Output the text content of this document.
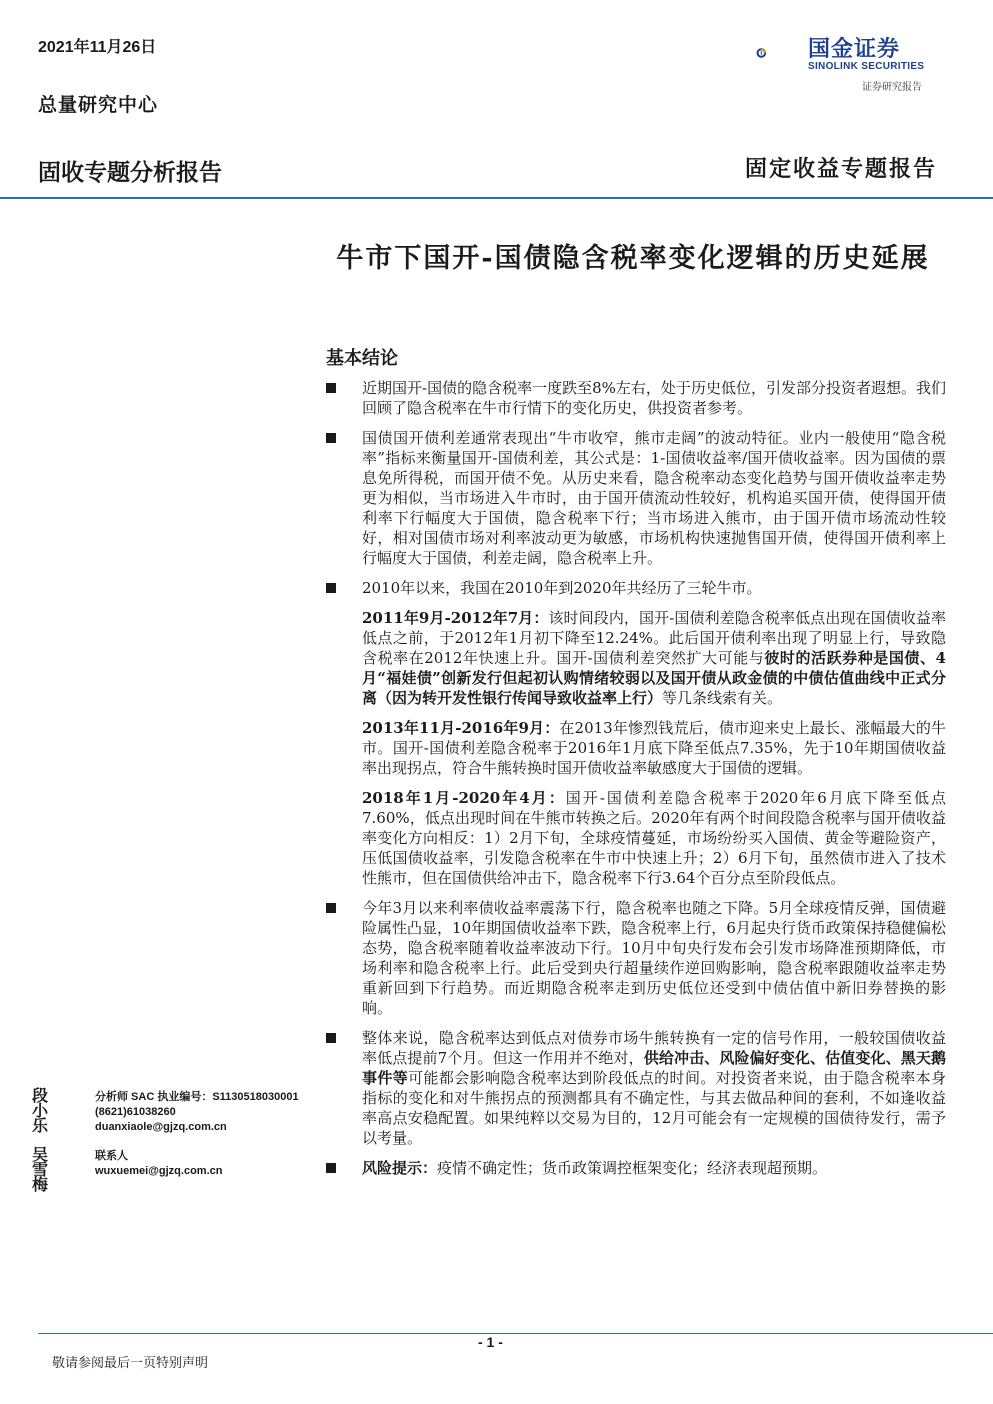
2021年11月26日
总量研究中心
国金证券
SINOLINK SECURITIES
证券研究报告
固收专题分析报告	固定收益专题报告
牛市下国开-国债隐含税率变化逻辑的历史延展
基本结论
近期国开-国债的隐含税率一度跌至8%左右，处于历史低位，引发部分投资者遐想。我们回顾了隐含税率在牛市行情下的变化历史，供投资者参考。
国债国开债利差通常表现出“牛市收窄，熊市走阔”的波动特征。业内一般使用“隐含税率”指标来衡量国开-国债利差，其公式是：1-国债收益率/国开债收益率。因为国债的票息免所得税，而国开债不免。从历史来看，隐含税率动态变化趋势与国开债收益率走势更为相似，当市场进入牛市时，由于国开债流动性较好，机构追买国开债，使得国开债利率下行幅度大于国债，隐含税率下行；当市场进入熊市，由于国开债市场流动性较好，相对国债市场对利率波动更为敏感，市场机构快速抛售国开债，使得国开债利率上行幅度大于国债，利差走阔，隐含税率上升。
2010年以来，我国在2010年到2020年共经历了三轮牛市。
2011年9月-2012年7月：该时间段内，国开-国债利差隐含税率低点出现在国债收益率低点之前，于2012年1月初下降至12.24%。此后国开债利率出现了明显上行，导致隐含税率在2012年快速上升。国开-国债利差突然扩大可能与彼时的活跃券种是国债、4月“福娃债”创新发行但起初认购情绪较弱以及国开债从政金债的中债估值曲线中正式分离（因为转开发性银行传闻导致收益率上行）等几条线索有关。
2013年11月-2016年9月：在2013年惨烈钱荒后，债市迎来史上最长、涨幅最大的牛市。国开-国债利差隐含税率于2016年1月底下降至低点7.35%，先于10年期国债收益率出现拐点，符合牛熊转换时国开债收益率敏感度大于国债的逻辑。
2018年1月-2020年4月：国开-国债利差隐含税率于2020年6月底下降至低点7.60%，低点出现时间在牛熊市转换之后。2020年有两个时间段隐含税率与国开债收益率变化方向相反：1）2月下旬，全球疫情蔓延，市场纷纷买入国债、黄金等避险资产，压低国债收益率，引发隐含税率在牛市中快速上升；2）6月下旬，虽然债市进入了技术性熊市，但在国债供给冲击下，隐含税率下行3.64个百分点至阶段低点。
今年3月以来利率债收益率震荡下行，隐含税率也随之下降。5月全球疫情反弹，国债避险属性凸显，10年期国债收益率下跌，隐含税率上行，6月起央行货币政策保持稳健偏松态势，隐含税率随着收益率波动下行。10月中旬央行发布会引发市场降准预期降低，市场利率和隐含税率上行。此后受到央行超量续作逆回购影响，隐含税率跟随收益率走势重新回到下行趋势。而近期隐含税率走到历史低位还受到中债估值中新旧券替换的影响。
整体来说，隐含税率达到低点对债券市场牛熊转换有一定的信号作用，一般较国债收益率低点提前7个月。但这一作用并不绝对，供给冲击、风险偏好变化、估值变化、黑天鹅事件等可能都会影响隐含税率达到阶段低点的时间。对投资者来说，由于隐含税率本身指标的变化和对牛熊拐点的预测都具有不确定性，与其去做品种间的套利，不如逢收益率高点安稳配置。如果纯粹以交易为目的，12月可能会有一定规模的国债待发行，需予以考量。
风险提示：疫情不确定性；货币政策调控框架变化；经济表现超预期。
段小乐
分析师 SAC 执业编号：S1130518030001
(8621)61038260
duanxiaole@gjzq.com.cn
吴雪梅
联系人
wuxuemei@gjzq.com.cn
- 1 -
敬请参阅最后一页特别声明
